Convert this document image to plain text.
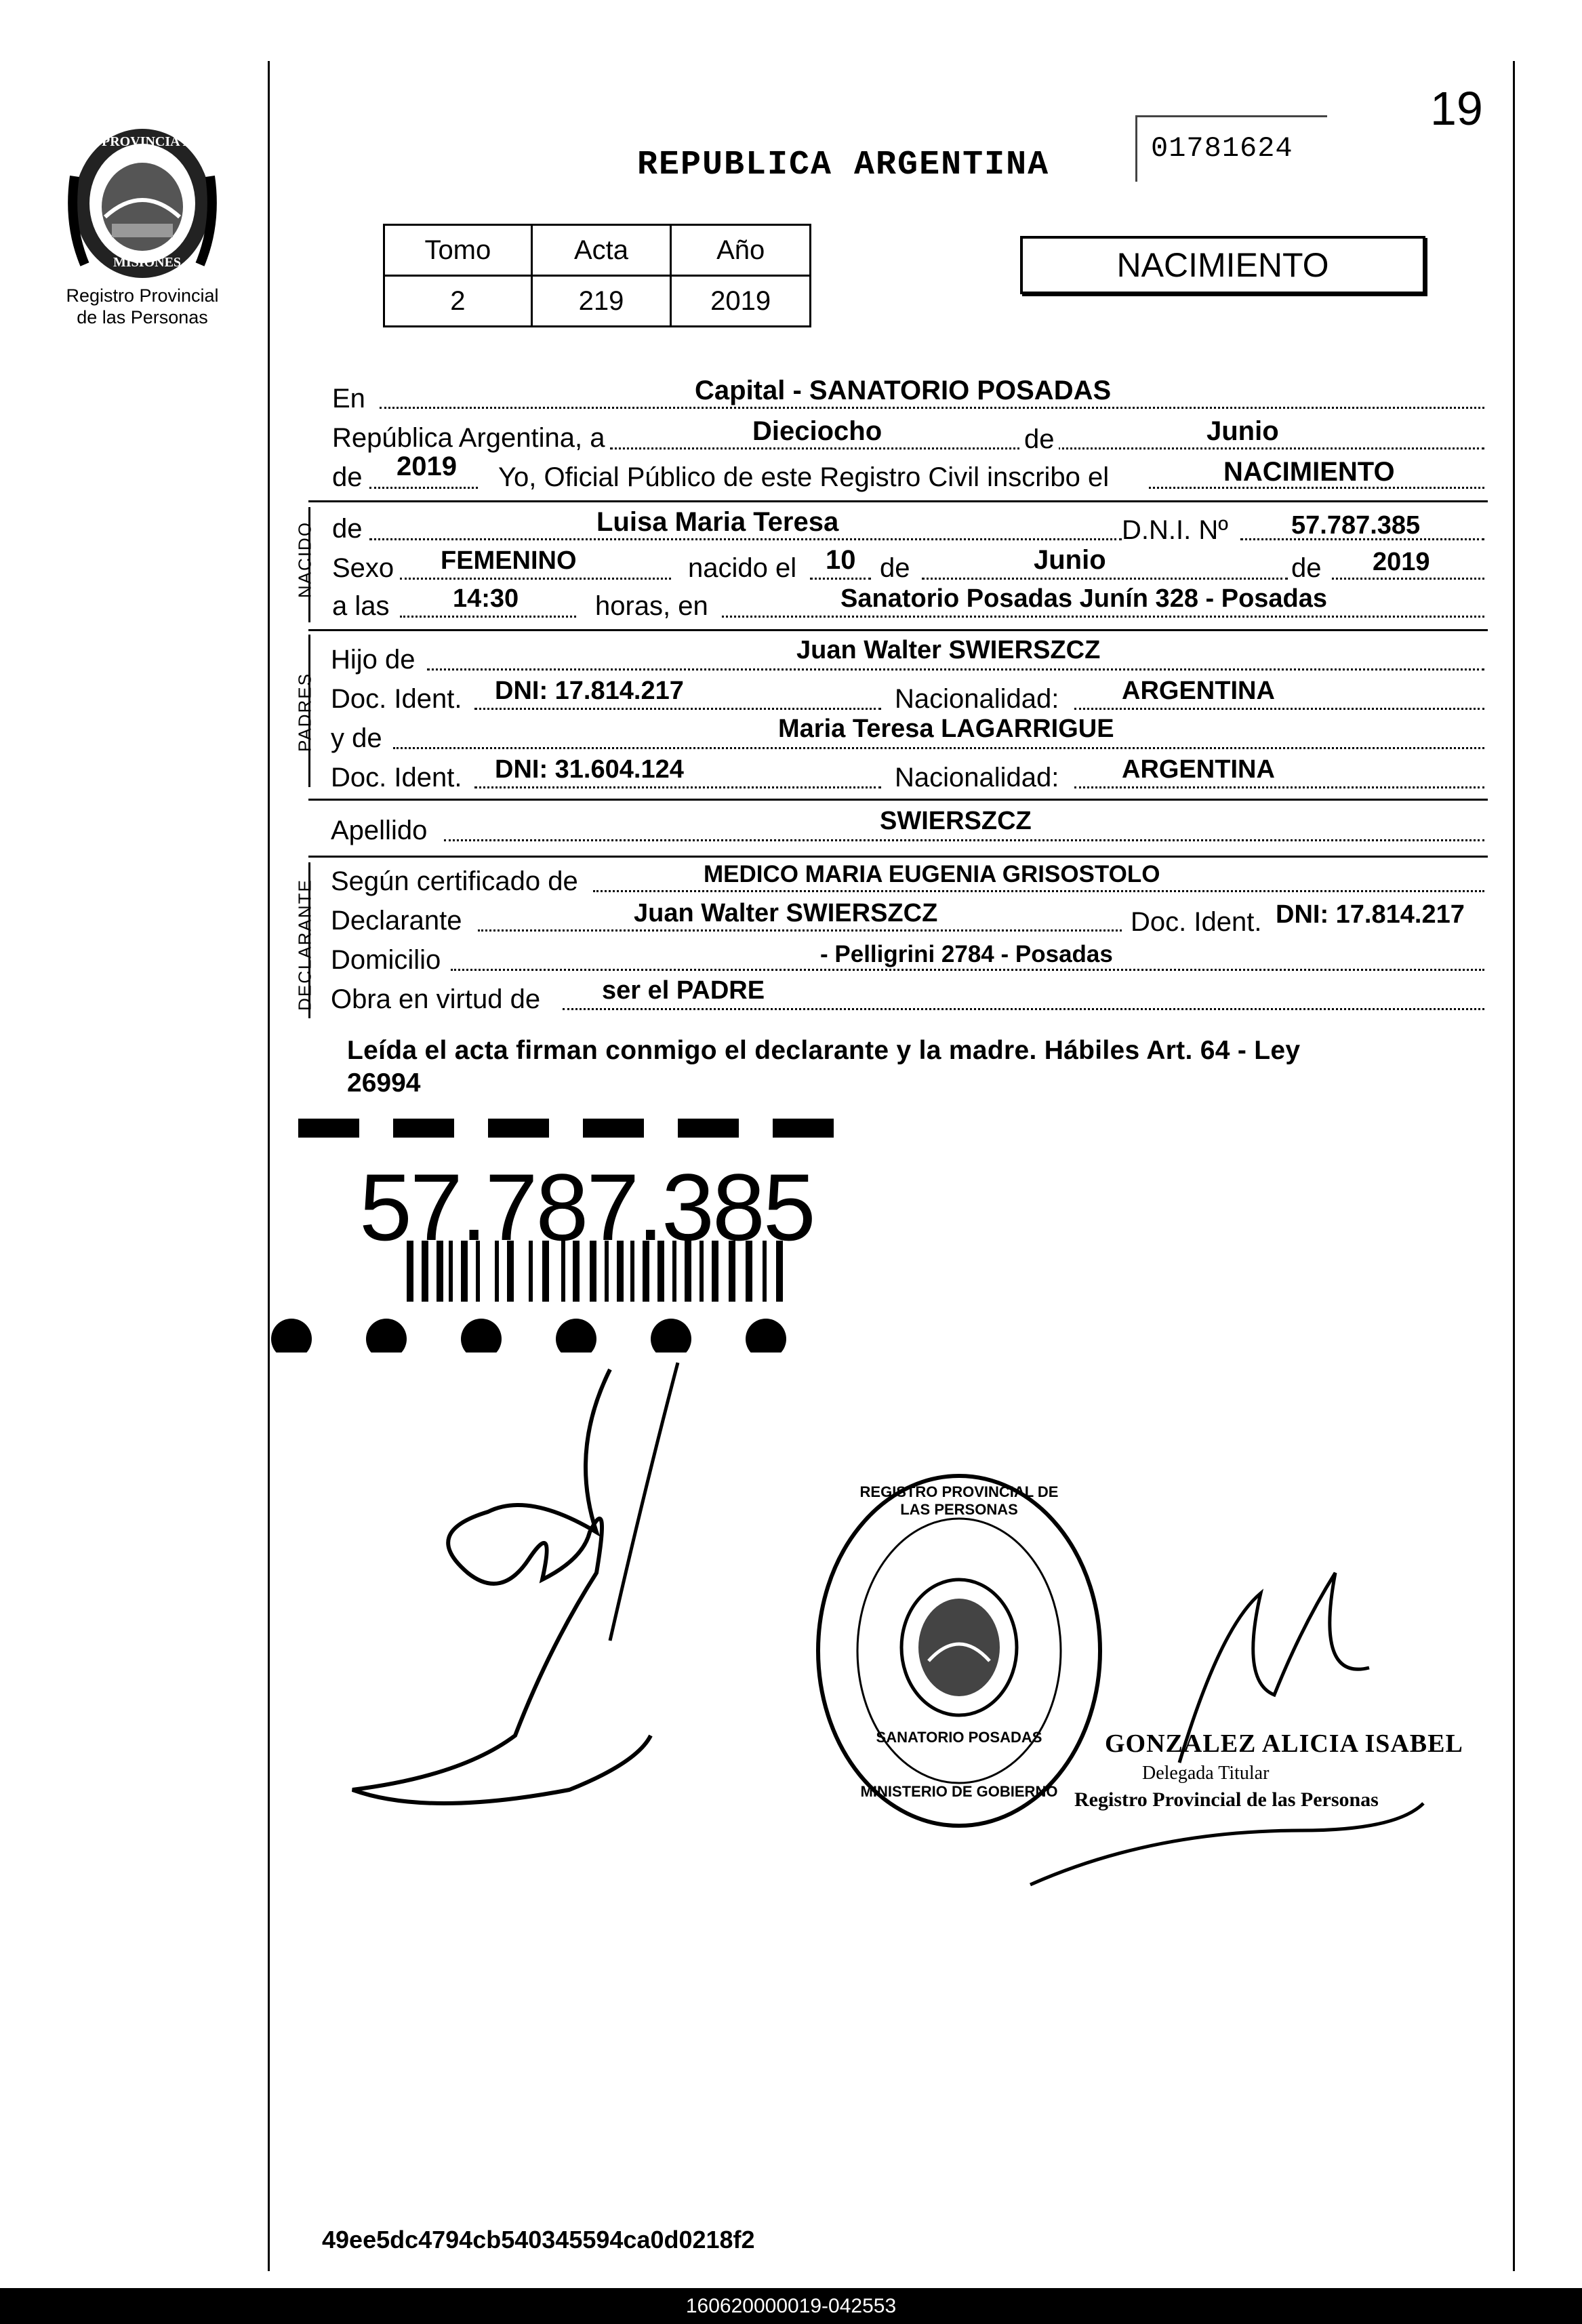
PROVINCIA DE
MISIONES
Registro Provincial
de las Personas
19
REPUBLICA ARGENTINA	01781624
Tomo	Acta	Año
2	219	2019
NACIMIENTO
En	Capital - SANATORIO POSADAS
República Argentina, a	Dieciocho	de	Junio
de 2019 Yo, Oficial Público de este Registro Civil inscribo el	NACIMIENTO
NACIDO de	Luisa Maria Teresa	D.N.I. Nº 57.787.385
Sexo FEMENINO	nacido el 10 de	Junio	de 2019
a las 14:30	horas, en	Sanatorio Posadas Junín 328 - Posadas
PADRES
Hijo de	Juan Walter SWIERSZCZ
Doc. Ident. DNI: 17.814.217	Nacionalidad: ARGENTINA
y de	Maria Teresa LAGARRIGUE
Doc. Ident. DNI: 31.604.124	Nacionalidad: ARGENTINA
Apellido	SWIERSZCZ
DECLARANTE Según certificado de	MEDICO MARIA EUGENIA GRISOSTOLO
Declarante	Juan Walter SWIERSZCZ	Doc. Ident. DNI: 17.814.217
Domicilio	- Pelligrini 2784 - Posadas
Obra en virtud de ser el PADRE
Leída el acta firman conmigo el declarante y la madre. Hábiles Art. 64 - Ley
26994
57.787.385
REGISTRO PROVINCIAL DE LAS PERSONAS
SANATORIO POSADAS
MINISTERIO DE GOBIERNO
GONZALEZ ALICIA ISABEL
Delegada Titular
Registro Provincial de las Personas
49ee5dc4794cb540345594ca0d0218f2
160620000019-042553
